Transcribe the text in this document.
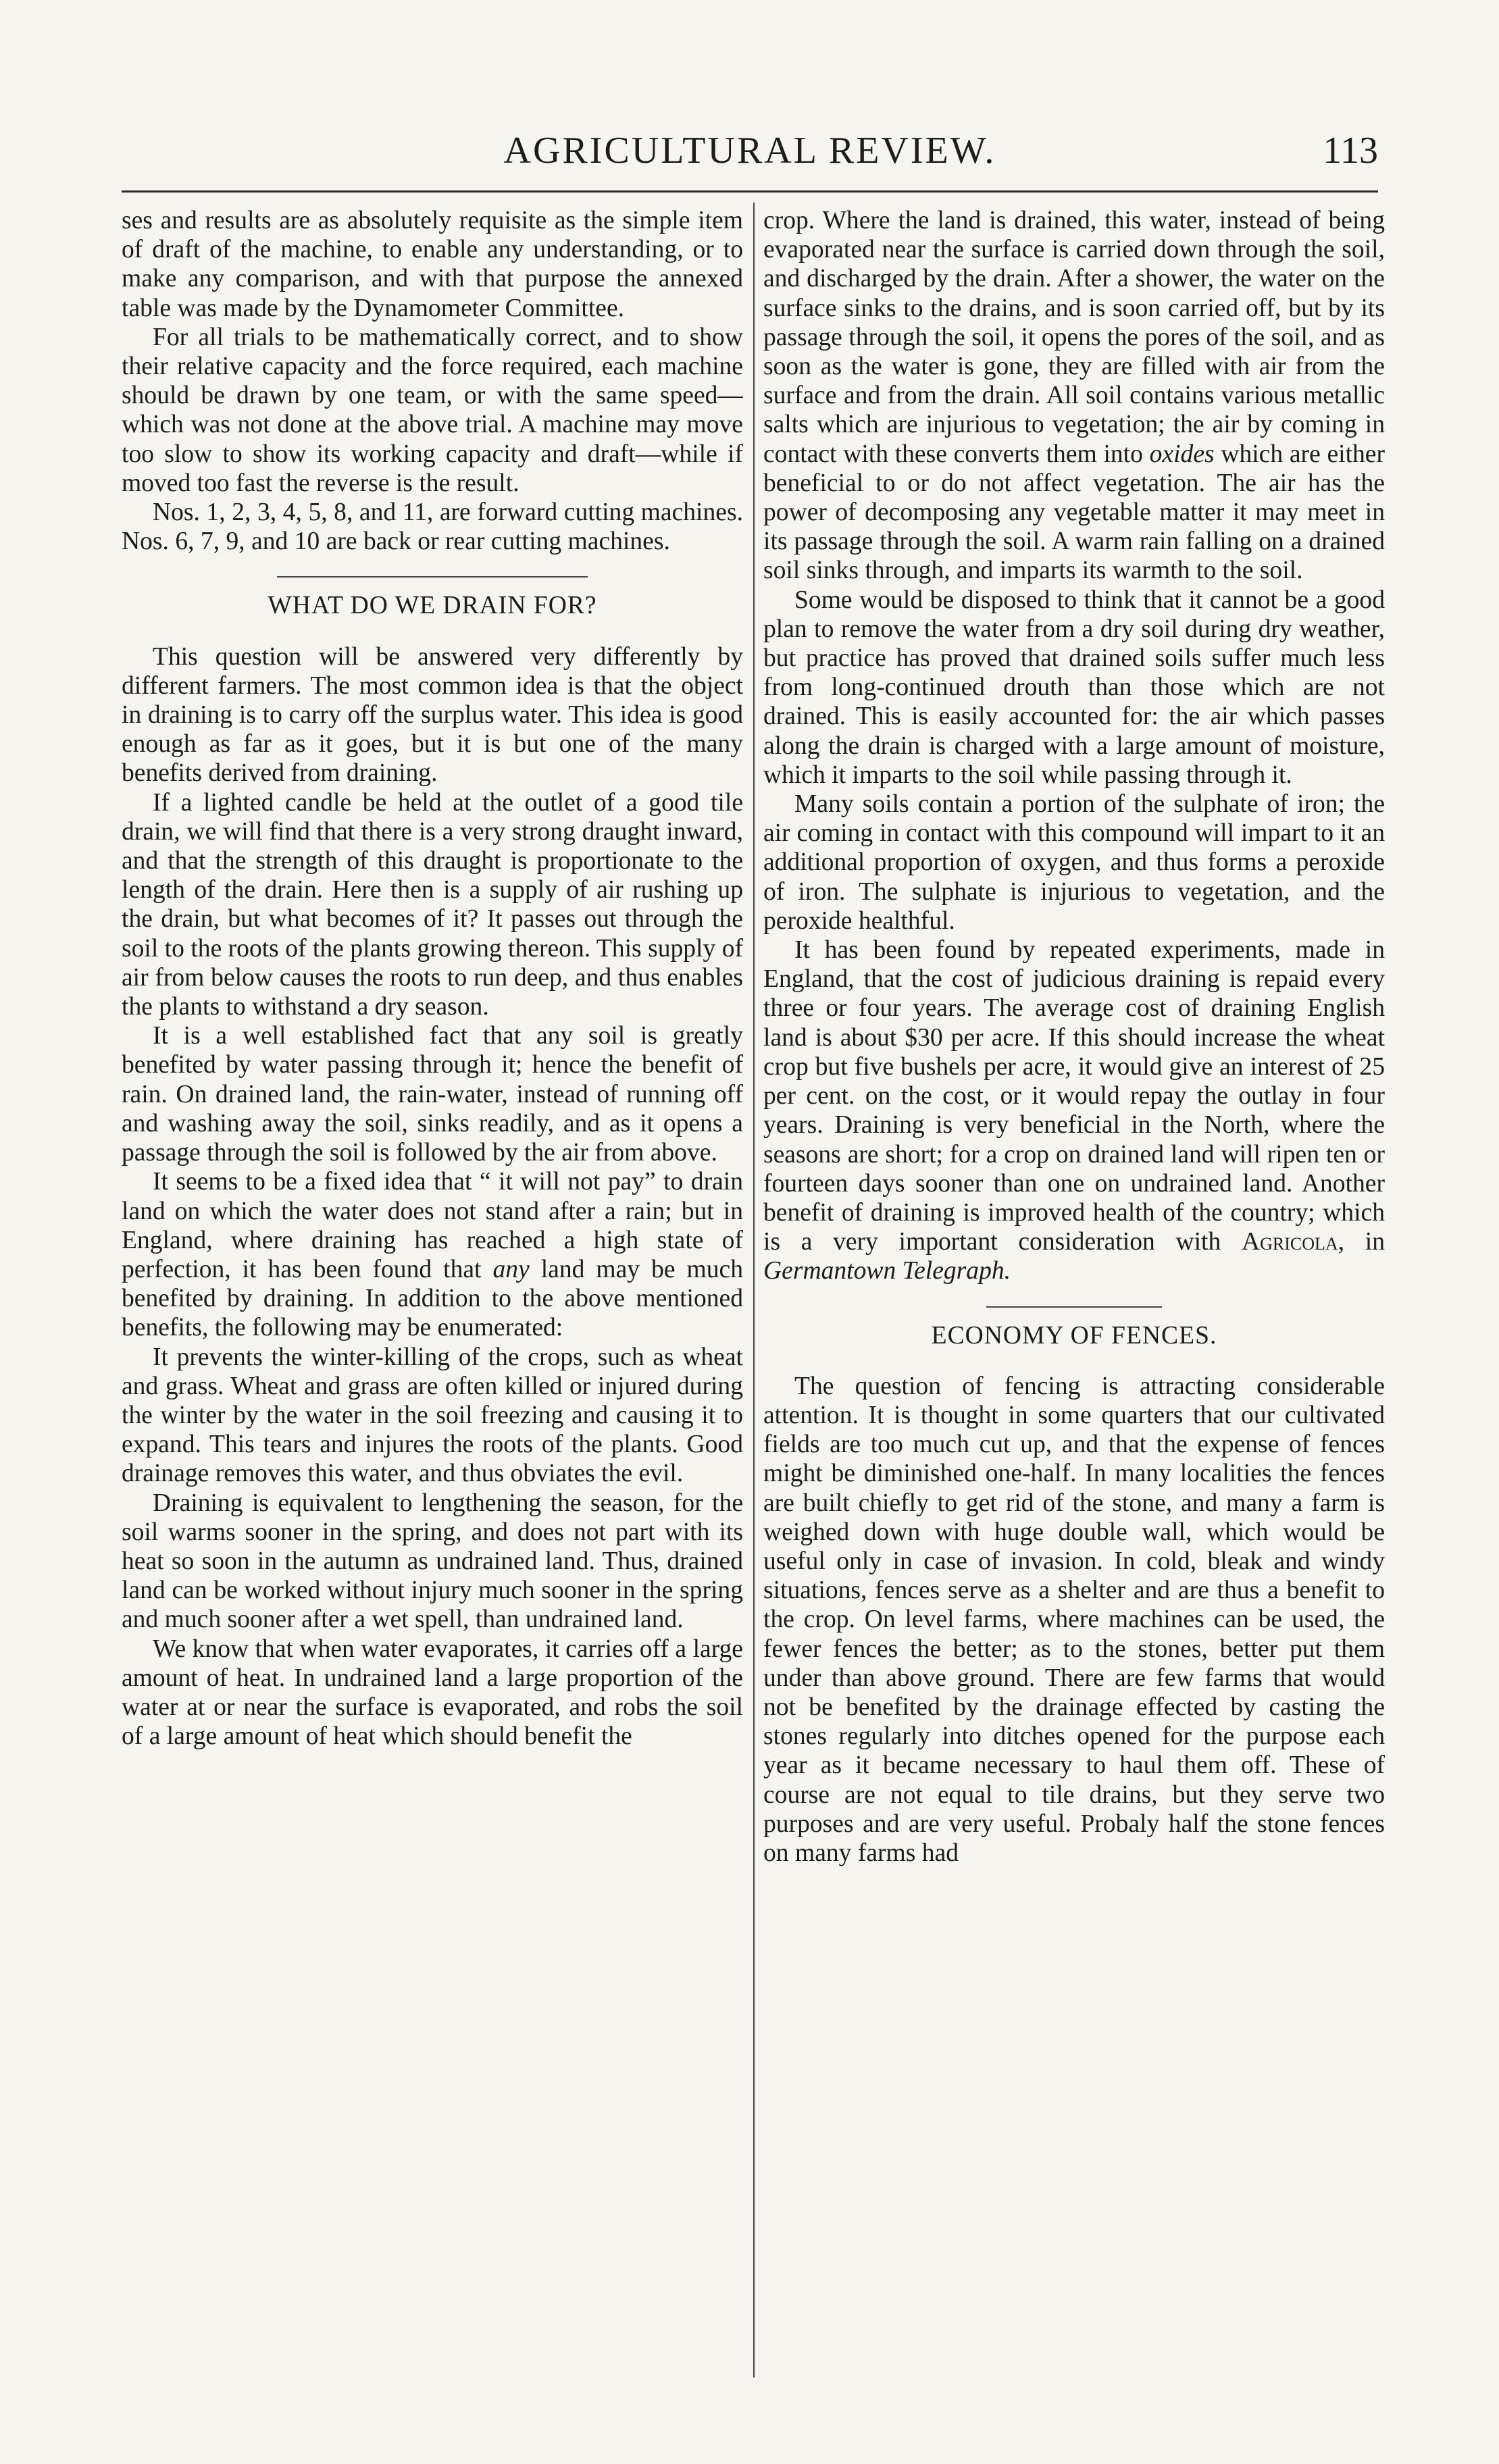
AGRICULTURAL REVIEW.	113

ses and results are as absolutely requisite as the simple item of draft of the machine, to enable any understanding, or to make any comparison, and with that purpose the annexed table was made by the Dynamometer Committee.

For all trials to be mathematically correct, and to show their relative capacity and the force required, each machine should be drawn by one team, or with the same speed—which was not done at the above trial. A machine may move too slow to show its working capacity and draft—while if moved too fast the reverse is the result.

Nos. 1, 2, 3, 4, 5, 8, and 11, are forward cutting machines. Nos. 6, 7, 9, and 10 are back or rear cutting machines.

WHAT DO WE DRAIN FOR?

This question will be answered very differently by different farmers. The most common idea is that the object in draining is to carry off the surplus water. This idea is good enough as far as it goes, but it is but one of the many benefits derived from draining.

If a lighted candle be held at the outlet of a good tile drain, we will find that there is a very strong draught inward, and that the strength of this draught is proportionate to the length of the drain. Here then is a supply of air rushing up the drain, but what becomes of it? It passes out through the soil to the roots of the plants growing thereon. This supply of air from below causes the roots to run deep, and thus enables the plants to withstand a dry season.

It is a well established fact that any soil is greatly benefited by water passing through it; hence the benefit of rain. On drained land, the rain-water, instead of running off and washing away the soil, sinks readily, and as it opens a passage through the soil is followed by the air from above.

It seems to be a fixed idea that “ it will not pay” to drain land on which the water does not stand after a rain; but in England, where draining has reached a high state of perfection, it has been found that any land may be much benefited by draining. In addition to the above mentioned benefits, the following may be enumerated:

It prevents the winter-killing of the crops, such as wheat and grass. Wheat and grass are often killed or injured during the winter by the water in the soil freezing and causing it to expand. This tears and injures the roots of the plants. Good drainage removes this water, and thus obviates the evil.

Draining is equivalent to lengthening the season, for the soil warms sooner in the spring, and does not part with its heat so soon in the autumn as undrained land. Thus, drained land can be worked without injury much sooner in the spring and much sooner after a wet spell, than undrained land.

We know that when water evaporates, it carries off a large amount of heat. In undrained land a large proportion of the water at or near the surface is evaporated, and robs the soil of a large amount of heat which should benefit the

crop. Where the land is drained, this water, instead of being evaporated near the surface is carried down through the soil, and discharged by the drain. After a shower, the water on the surface sinks to the drains, and is soon carried off, but by its passage through the soil, it opens the pores of the soil, and as soon as the water is gone, they are filled with air from the surface and from the drain. All soil contains various metallic salts which are injurious to vegetation; the air by coming in contact with these converts them into oxides which are either beneficial to or do not affect vegetation. The air has the power of decomposing any vegetable matter it may meet in its passage through the soil. A warm rain falling on a drained soil sinks through, and imparts its warmth to the soil.

Some would be disposed to think that it cannot be a good plan to remove the water from a dry soil during dry weather, but practice has proved that drained soils suffer much less from long-continued drouth than those which are not drained. This is easily accounted for: the air which passes along the drain is charged with a large amount of moisture, which it imparts to the soil while passing through it.

Many soils contain a portion of the sulphate of iron; the air coming in contact with this compound will impart to it an additional proportion of oxygen, and thus forms a peroxide of iron. The sulphate is injurious to vegetation, and the peroxide healthful.

It has been found by repeated experiments, made in England, that the cost of judicious draining is repaid every three or four years. The average cost of draining English land is about $30 per acre. If this should increase the wheat crop but five bushels per acre, it would give an interest of 25 per cent. on the cost, or it would repay the outlay in four years. Draining is very beneficial in the North, where the seasons are short; for a crop on drained land will ripen ten or fourteen days sooner than one on undrained land. Another benefit of draining is improved health of the country; which is a very important consideration with Agricola, in Germantown Telegraph.

ECONOMY OF FENCES.

The question of fencing is attracting considerable attention. It is thought in some quarters that our cultivated fields are too much cut up, and that the expense of fences might be diminished one-half. In many localities the fences are built chiefly to get rid of the stone, and many a farm is weighed down with huge double wall, which would be useful only in case of invasion. In cold, bleak and windy situations, fences serve as a shelter and are thus a benefit to the crop. On level farms, where machines can be used, the fewer fences the better; as to the stones, better put them under than above ground. There are few farms that would not be benefited by the drainage effected by casting the stones regularly into ditches opened for the purpose each year as it became necessary to haul them off. These of course are not equal to tile drains, but they serve two purposes and are very useful. Probaly half the stone fences on many farms had
